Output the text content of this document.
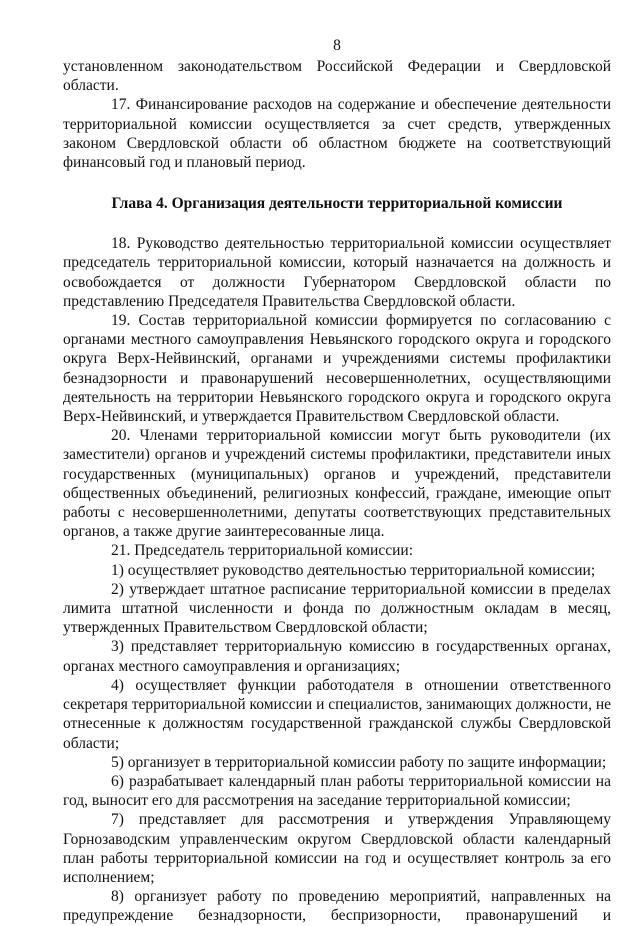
8

установленном законодательством Российской Федерации и Свердловской области.

17. Финансирование расходов на содержание и обеспечение деятельности территориальной комиссии осуществляется за счет средств, утвержденных законом Свердловской области об областном бюджете на соответствующий финансовый год и плановый период.

Глава 4. Организация деятельности территориальной комиссии

18. Руководство деятельностью территориальной комиссии осуществляет председатель территориальной комиссии, который назначается на должность и освобождается от должности Губернатором Свердловской области по представлению Председателя Правительства Свердловской области.

19. Состав территориальной комиссии формируется по согласованию с органами местного самоуправления Невьянского городского округа и городского округа Верх-Нейвинский, органами и учреждениями системы профилактики безнадзорности и правонарушений несовершеннолетних, осуществляющими деятельность на территории Невьянского городского округа и городского округа Верх-Нейвинский, и утверждается Правительством Свердловской области.

20. Членами территориальной комиссии могут быть руководители (их заместители) органов и учреждений системы профилактики, представители иных государственных (муниципальных) органов и учреждений, представители общественных объединений, религиозных конфессий, граждане, имеющие опыт работы с несовершеннолетними, депутаты соответствующих представительных органов, а также другие заинтересованные лица.

21. Председатель территориальной комиссии:

1) осуществляет руководство деятельностью территориальной комиссии;

2) утверждает штатное расписание территориальной комиссии в пределах лимита штатной численности и фонда по должностным окладам в месяц, утвержденных Правительством Свердловской области;

3) представляет территориальную комиссию в государственных органах, органах местного самоуправления и организациях;

4) осуществляет функции работодателя в отношении ответственного секретаря территориальной комиссии и специалистов, занимающих должности, не отнесенные к должностям государственной гражданской службы Свердловской области;

5) организует в территориальной комиссии работу по защите информации;

6) разрабатывает календарный план работы территориальной комиссии на год, выносит его для рассмотрения на заседание территориальной комиссии;

7) представляет для рассмотрения и утверждения Управляющему Горнозаводским управленческим округом Свердловской области календарный план работы территориальной комиссии на год и осуществляет контроль за его исполнением;

8) организует работу по проведению мероприятий, направленных на предупреждение безнадзорности, беспризорности, правонарушений и
